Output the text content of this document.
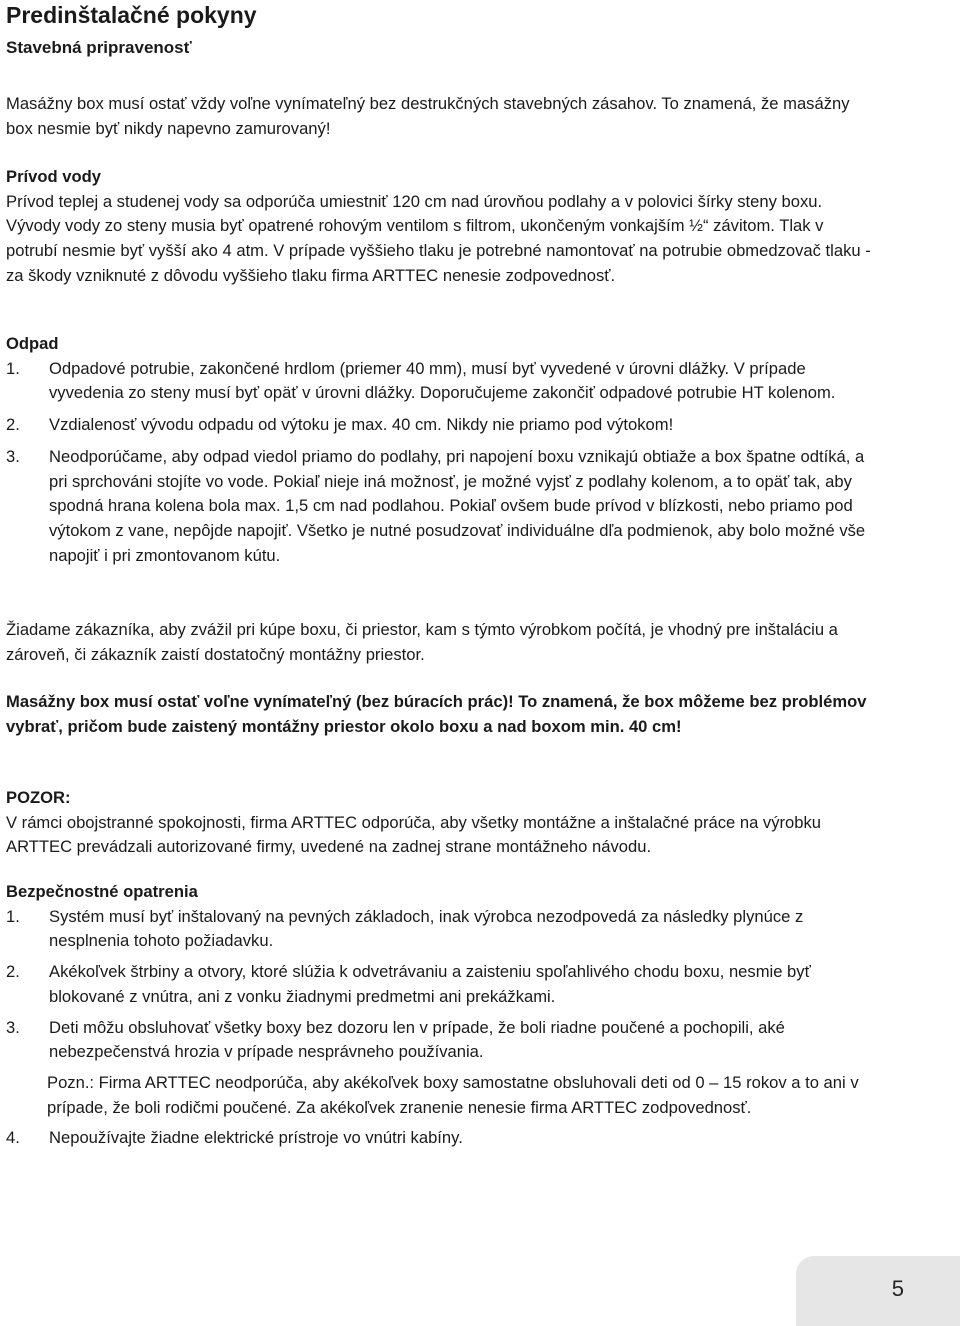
Predinštalačné pokyny
Stavebná pripravenosť
Masážny box musí ostať vždy voľne vynímateľný bez destrukčných stavebných zásahov. To znamená, že masážny box nesmie byť nikdy napevno zamurovaný!
Prívod vody
Prívod teplej a studenej vody sa odporúča umiestniť 120 cm nad úrovňou podlahy a v polovici šírky steny boxu. Vývody vody zo steny musia byť opatrené rohovým ventilom s filtrom, ukončeným vonkajším ½“ závitom. Tlak v potrubí nesmie byť vyšší ako 4 atm. V prípade vyššieho tlaku je potrebné namontovať na potrubie obmedzovač tlaku - za škody vzniknuté z dôvodu vyššieho tlaku firma ARTTEC nenesie zodpovednosť.
Odpad
1. Odpadové potrubie, zakončené hrdlom (priemer 40 mm), musí byť vyvedené v úrovni dlážky. V prípade vyvedenia zo steny musí byť opäť v úrovni dlážky. Doporučujeme zakončiť odpadové potrubie HT kolenom.
2. Vzdialenosť vývodu odpadu od výtoku je max. 40 cm. Nikdy nie priamo pod výtokom!
3. Neodporúčame, aby odpad viedol priamo do podlahy, pri napojení boxu vznikajú obtiaže a box špatne odtíká, a pri sprchováni stojíte vo vode. Pokiaľ nieje iná možnosť, je možné vyjsť z podlahy kolenom, a to opäť tak, aby spodná hrana kolena bola max. 1,5 cm nad podlahou. Pokiaľ ovšem bude prívod v blízkosti, nebo priamo pod výtokom z vane, nepôjde napojiť. Všetko je nutné posudzovať individuálne dľa podmienok, aby bolo možné vše napojiť i pri zmontovanom kútu.
Žiadame zákazníka, aby zvážil pri kúpe boxu, či priestor, kam s týmto výrobkom počítá, je vhodný pre inštaláciu a zároveň, či zákazník zaistí dostatočný montážny priestor.
Masážny box musí ostať voľne vynímateľný (bez búracích prác)! To znamená, že box môžeme bez problémov vybrať, pričom bude zaistený montážny priestor okolo boxu a nad boxom min. 40 cm!
POZOR:
V rámci obojstranné spokojnosti, firma ARTTEC odporúča, aby všetky montážne a inštalačné práce na výrobku ARTTEC prevádzali autorizované firmy, uvedené na zadnej strane montážneho návodu.
Bezpečnostné opatrenia
1. Systém musí byť inštalovaný na pevných základoch, inak výrobca nezodpovedá za následky plynúce z nesplnenia tohoto požiadavku.
2. Akékoľvek štrbiny a otvory, ktoré slúžia k odvetrávaniu a zaisteniu spoľahlivého chodu boxu, nesmie byť blokované z vnútra, ani z vonku žiadnymi predmetmi ani prekážkami.
3. Deti môžu obsluhovať všetky boxy bez dozoru len v prípade, že boli riadne poučené a pochopili, aké nebezpečenstvá hrozia v prípade nesprávneho používania.
Pozn.: Firma ARTTEC neodporúča, aby akékoľvek boxy samostatne obsluhovali deti od 0 – 15 rokov a to ani v prípade, že boli rodičmi poučené. Za akékoľvek zranenie nenesie firma ARTTEC zodpovednosť.
4. Nepoužívajte žiadne elektrické prístroje vo vnútri kabíny.
5
